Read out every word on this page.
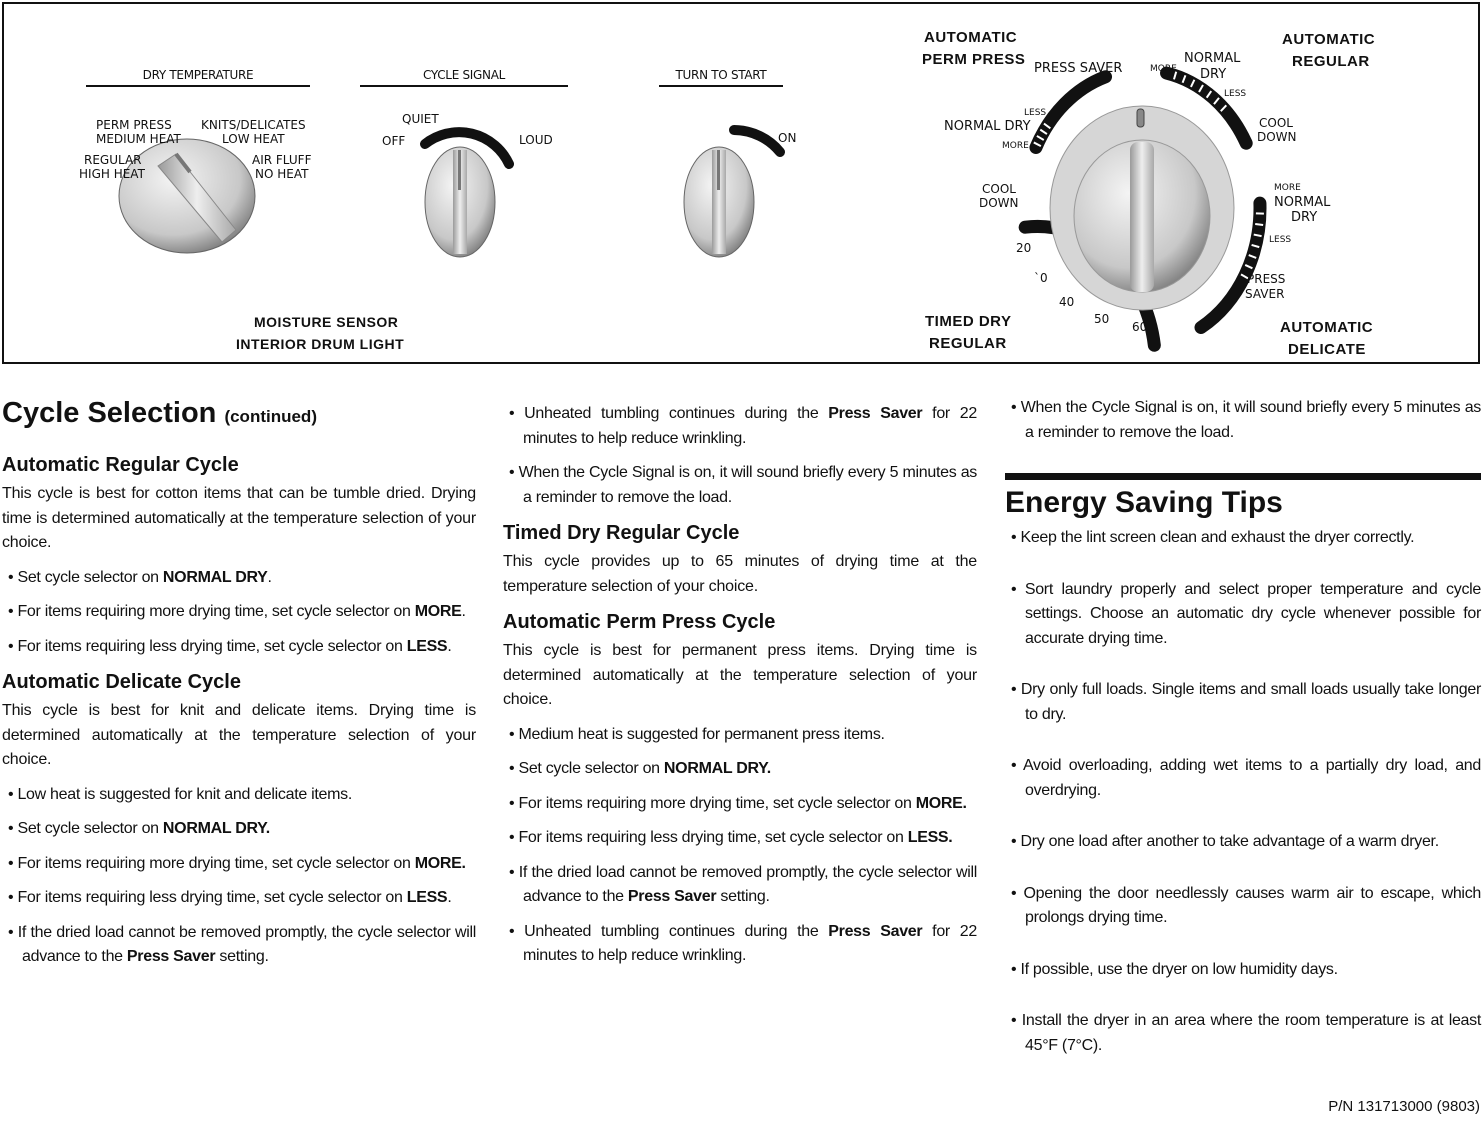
DRY TEMPERATURE
PERM PRESS
MEDIUM HEAT
KNITS/DELICATES
LOW HEAT
REGULAR
HIGH HEAT
AIR FLUFF
NO HEAT
CYCLE SIGNAL
QUIET
OFF	LOUD
TURN TO START
ON
MOISTURE SENSOR
INTERIOR DRUM LIGHT
AUTOMATIC
PERM PRESS
AUTOMATIC
REGULAR
TIMED DRY
REGULAR
AUTOMATIC
DELICATE
PRESS SAVER
LESS
NORMAL DRY
MORE
MORE
NORMAL
DRY
LESS
COOL
DOWN
COOL
DOWN
20
`0
40
50
60
MORE
NORMAL
DRY
LESS
PRESS
SAVER
Cycle Selection (continued)
Automatic Regular Cycle
This cycle is best for cotton items that can be tumble dried. Drying time is determined automatically at the temperature selection of your choice.
• Set cycle selector on NORMAL DRY.
• For items requiring more drying time, set cycle selector on MORE.
• For items requiring less drying time, set cycle selector on LESS.
Automatic Delicate Cycle
This cycle is best for knit and delicate items. Drying time is determined automatically at the temperature selection of your choice.
• Low heat is suggested for knit and delicate items.
• Set cycle selector on NORMAL DRY.
• For items requiring more drying time, set cycle selector on MORE.
• For items requiring less drying time, set cycle selector on LESS.
• If the dried load cannot be removed promptly, the cycle selector will advance to the Press Saver setting.
• Unheated tumbling continues during the Press Saver for 22 minutes to help reduce wrinkling.
• When the Cycle Signal is on, it will sound briefly every 5 minutes as a reminder to remove the load.
Timed Dry Regular Cycle
This cycle provides up to 65 minutes of drying time at the temperature selection of your choice.
Automatic Perm Press Cycle
This cycle is best for permanent press items. Drying time is determined automatically at the temperature selection of your choice.
• Medium heat is suggested for permanent press items.
• Set cycle selector on NORMAL DRY.
• For items requiring more drying time, set cycle selector on MORE.
• For items requiring less drying time, set cycle selector on LESS.
• If the dried load cannot be removed promptly, the cycle selector will advance to the Press Saver setting.
• Unheated tumbling continues during the Press Saver for 22 minutes to help reduce wrinkling.
• When the Cycle Signal is on, it will sound briefly every 5 minutes as a reminder to remove the load.
Energy Saving Tips
• Keep the lint screen clean and exhaust the dryer correctly.
• Sort laundry properly and select proper temperature and cycle settings. Choose an automatic dry cycle whenever possible for accurate drying time.
• Dry only full loads. Single items and small loads usually take longer to dry.
• Avoid overloading, adding wet items to a partially dry load, and overdrying.
• Dry one load after another to take advantage of a warm dryer.
• Opening the door needlessly causes warm air to escape, which prolongs drying time.
• If possible, use the dryer on low humidity days.
• Install the dryer in an area where the room temperature is at least 45°F (7°C).
P/N 131713000 (9803)
